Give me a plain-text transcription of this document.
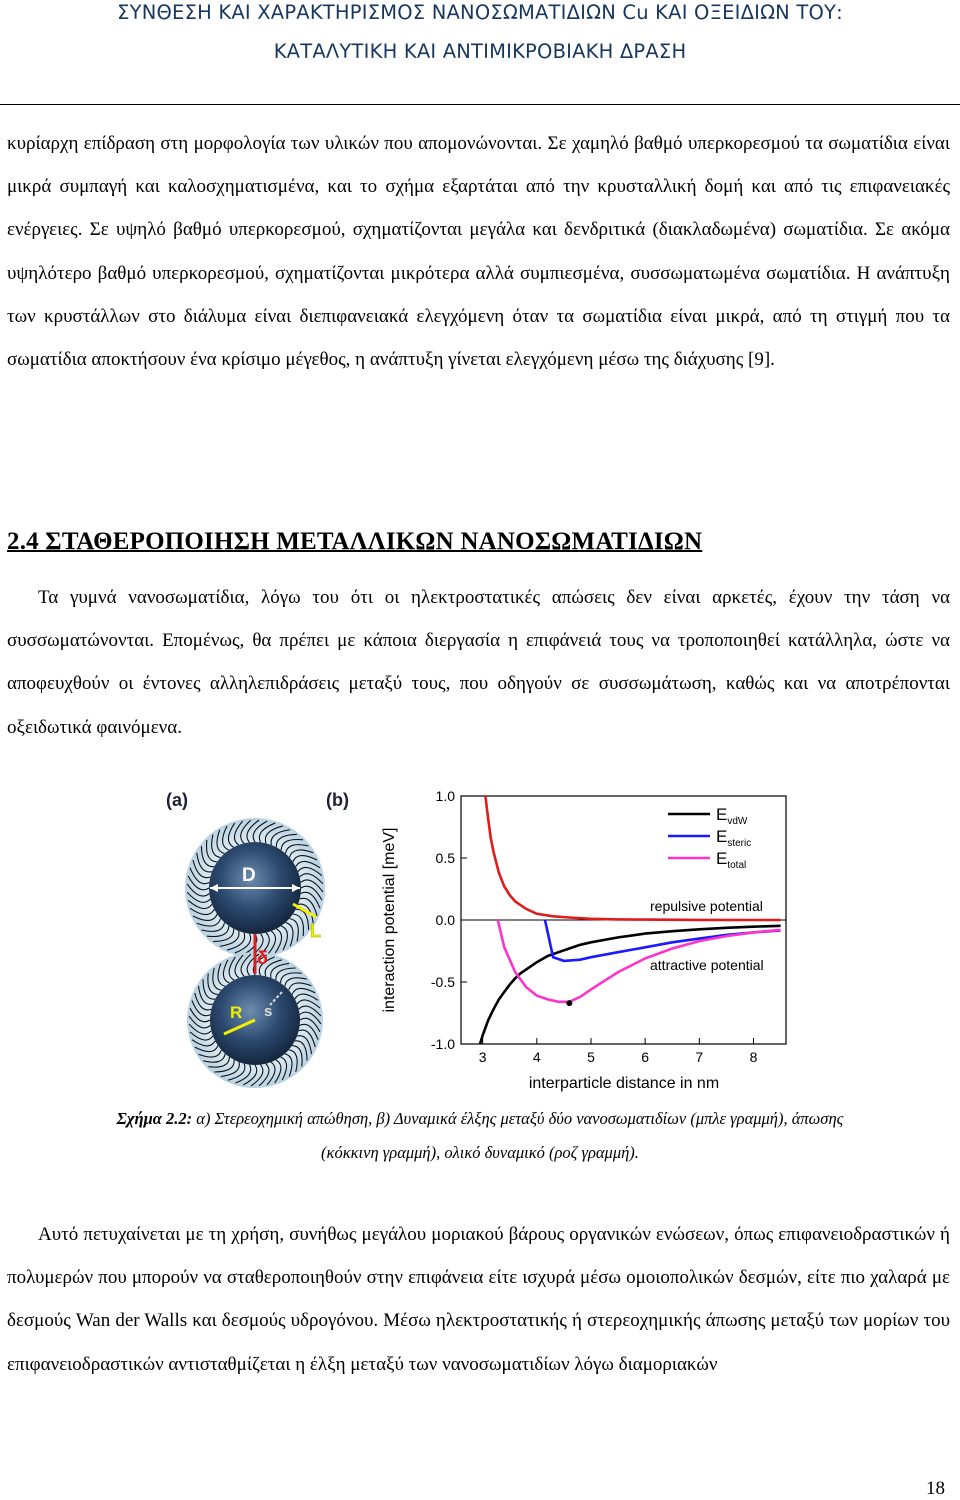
ΣΥΝΘΕΣΗ ΚΑΙ ΧΑΡΑΚΤΗΡΙΣΜΟΣ ΝΑΝΟΣΩΜΑΤΙΔΙΩΝ Cu ΚΑΙ ΟΞΕΙΔΙΩΝ ΤΟΥ:
ΚΑΤΑΛΥΤΙΚΗ ΚΑΙ ΑΝΤΙΜΙΚΡΟΒΙΑΚΗ ΔΡΑΣΗ

κυρίαρχη επίδραση στη μορφολογία των υλικών που απομονώνονται. Σε χαμηλό βαθμό υπερκορεσμού τα σωματίδια είναι μικρά συμπαγή και καλοσχηματισμένα, και το σχήμα εξαρτάται από την κρυσταλλική δομή και από τις επιφανειακές ενέργειες. Σε υψηλό βαθμό υπερκορεσμού, σχηματίζονται μεγάλα και δενδριτικά (διακλαδωμένα) σωματίδια. Σε ακόμα υψηλότερο βαθμό υπερκορεσμού, σχηματίζονται μικρότερα αλλά συμπιεσμένα, συσσωματωμένα σωματίδια. Η ανάπτυξη των κρυστάλλων στο διάλυμα είναι διεπιφανειακά ελεγχόμενη όταν τα σωματίδια είναι μικρά, από τη στιγμή που τα σωματίδια αποκτήσουν ένα κρίσιμο μέγεθος, η ανάπτυξη γίνεται ελεγχόμενη μέσω της διάχυσης [9].

2.4 ΣΤΑΘΕΡΟΠΟΙΗΣΗ ΜΕΤΑΛΛΙΚΩΝ ΝΑΝΟΣΩΜΑΤΙΔΙΩΝ

Τα γυμνά νανοσωματίδια, λόγω του ότι οι ηλεκτροστατικές απώσεις δεν είναι αρκετές, έχουν την τάση να συσσωματώνονται. Επομένως, θα πρέπει με κάποια διεργασία η επιφάνειά τους να τροποποιηθεί κατάλληλα, ώστε να αποφευχθούν οι έντονες αλληλεπιδράσεις μεταξύ τους, που οδηγούν σε συσσωμάτωση, καθώς και να αποτρέπονται οξειδωτικά φαινόμενα.

(a)	(b)
D
L
R s
δ
1.0
0.5
0.0
-0.5
-1.0
3	4	5	6	7	8
repulsive potential
attractive potential
$E_{vdW}$
$E_{steric}$
$E_{total}$
interparticle distance in nm
interaction potential [meV]
Σχήμα 2.2: α) Στερεοχημική απώθηση, β) Δυναμικά έλξης μεταξύ δύο νανοσωματιδίων (μπλε γραμμή), άπωσης
(κόκκινη γραμμή), ολικό δυναμικό (ροζ γραμμή).

Αυτό πετυχαίνεται με τη χρήση, συνήθως μεγάλου μοριακού βάρους οργανικών ενώσεων, όπως επιφανειοδραστικών ή πολυμερών που μπορούν να σταθεροποιηθούν στην επιφάνεια είτε ισχυρά μέσω ομοιοπολικών δεσμών, είτε πιο χαλαρά με δεσμούς Wan der Walls και δεσμούς υδρογόνου. Μέσω ηλεκτροστατικής ή στερεοχημικής άπωσης μεταξύ των μορίων του επιφανειοδραστικών αντισταθμίζεται η έλξη μεταξύ των νανοσωματιδίων λόγω διαμοριακών

18
